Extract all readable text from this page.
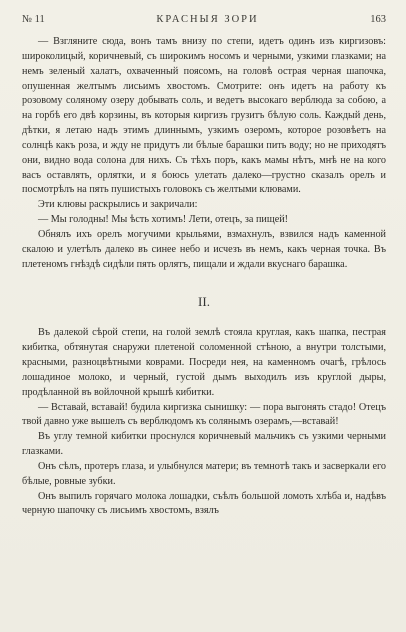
№ 11	КРАСНЫЯ ЗОРИ	163

— Взгляните сюда, вонъ тамъ внизу по степи, идетъ одинъ изъ киргизовъ: широколицый, коричневый, съ широкимъ носомъ и черными, узкими глазками; на немъ зеленый халатъ, охваченный поясомъ, на головѣ острая черная шапочка, опушенная желтымъ лисьимъ хвостомъ. Смотрите: онъ идетъ на работу къ розовому соляному озеру добывать соль, и ведетъ высокаго верблюда за собою, а на горбѣ его двѣ корзины, въ которыя киргизъ грузитъ бѣлую соль. Каждый день, дѣтки, я летаю надъ этимъ длиннымъ, узкимъ озеромъ, которое розовѣетъ на солнцѣ какъ роза, и жду не придутъ ли бѣлые барашки пить воду; но не приходятъ они, видно вода солона для нихъ. Съ тѣхъ поръ, какъ мамы нѣтъ, мнѣ не на кого васъ оставлять, орлятки, и я боюсь улетать далеко—грустно сказалъ орелъ и посмотрѣлъ на пять пушистыхъ головокъ съ желтыми клювами.

Эти клювы раскрылись и закричали:

— Мы голодны! Мы ѣсть хотимъ! Лети, отецъ, за пищей!

Обнялъ ихъ орелъ могучими крыльями, взмахнулъ, взвился надъ каменной скалою и улетѣлъ далеко въ синее небо и исчезъ въ немъ, какъ черная точка. Въ плетеномъ гнѣздѣ сидѣли пять орлятъ, пищали и ждали вкуснаго барашка.

II.

Въ далекой сѣрой степи, на голой землѣ стояла круглая, какъ шапка, пестрая кибитка, обтянутая снаружи плетеной соломенной стѣною, а внутри толстыми, красными, разноцвѣтными коврами. Посреди нея, на каменномъ очагѣ, грѣлось лошадиное молоко, и черный, густой дымъ выходилъ изъ круглой дыры, продѣланной въ войлочной крышѣ кибитки.

— Вставай, вставай! будила киргизка сынишку: — пора выгонять стадо! Отецъ твой давно уже вышелъ съ верблюдомъ къ солянымъ озерамъ,—вставай!

Въ углу темной кибитки проснулся коричневый мальчикъ съ узкими черными глазками.

Онъ сѣлъ, протеръ глаза, и улыбнулся матери; въ темнотѣ такъ и засверкали его бѣлые, ровные зубки.

Онъ выпилъ горячаго молока лошадки, съѣлъ большой ломоть хлѣба и, надѣвъ черную шапочку съ лисьимъ хвостомъ, взялъ
